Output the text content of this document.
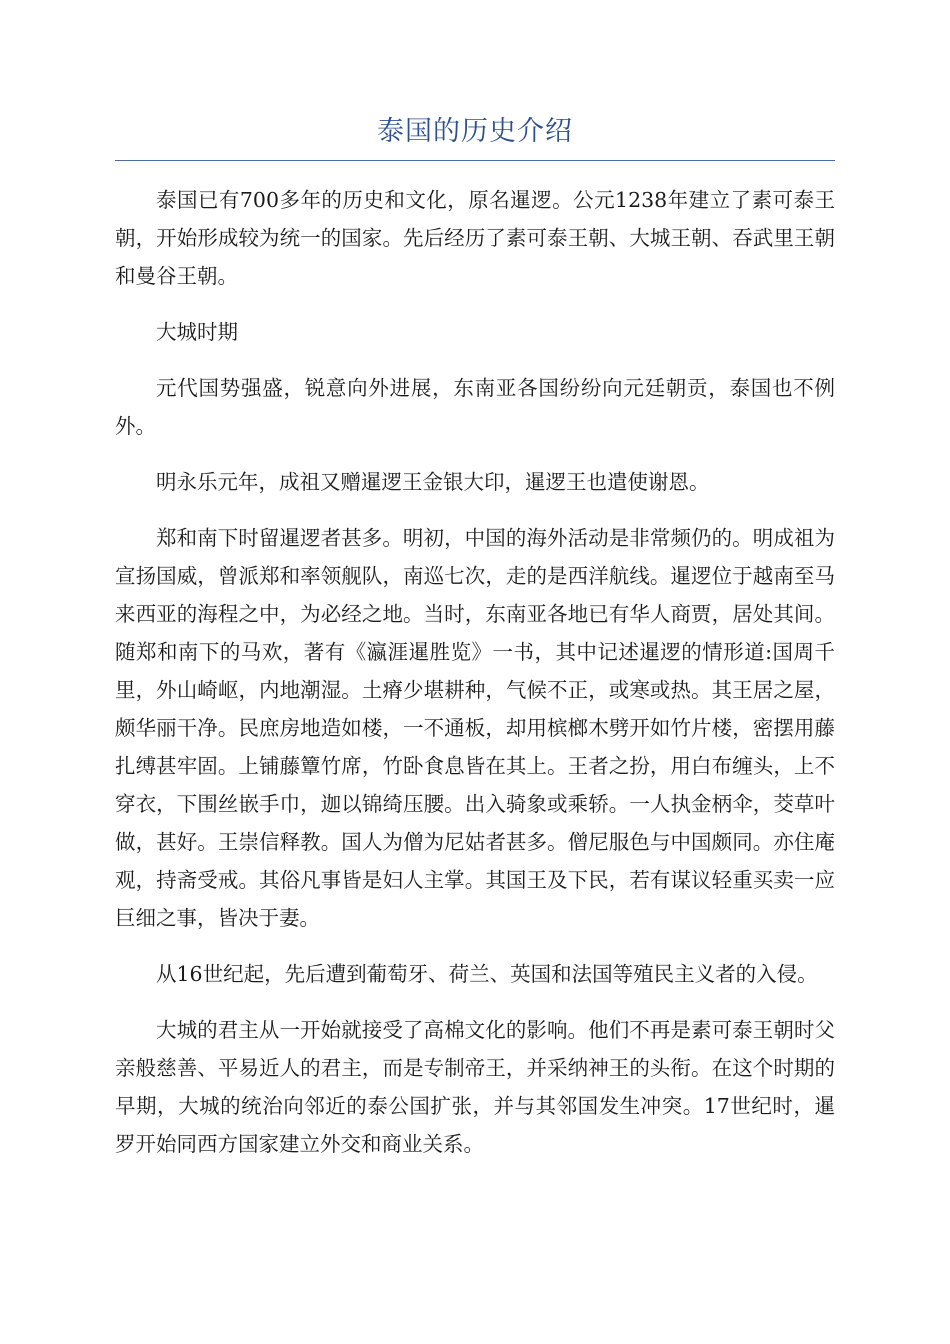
泰国的历史介绍

泰国已有700多年的历史和文化，原名暹逻。公元1238年建立了素可泰王朝，开始形成较为统一的国家。先后经历了素可泰王朝、大城王朝、吞武里王朝和曼谷王朝。

大城时期

元代国势强盛，锐意向外进展，东南亚各国纷纷向元廷朝贡，泰国也不例外。

明永乐元年，成祖又赠暹逻王金银大印，暹逻王也遣使谢恩。

郑和南下时留暹逻者甚多。明初，中国的海外活动是非常频仍的。明成祖为宣扬国威，曾派郑和率领舰队，南巡七次，走的是西洋航线。暹逻位于越南至马来西亚的海程之中，为必经之地。当时，东南亚各地已有华人商贾，居处其间。随郑和南下的马欢，著有《瀛涯暹胜览》一书，其中记述暹逻的情形道:国周千里，外山崎岖，内地潮湿。土瘠少堪耕种，气候不正，或寒或热。其王居之屋，颇华丽干净。民庶房地造如楼，一不通板，却用槟榔木劈开如竹片楼，密摆用藤扎缚甚牢固。上铺藤簟竹席，竹卧食息皆在其上。王者之扮，用白布缠头，上不穿衣，下围丝嵌手巾，迦以锦绮压腰。出入骑象或乘轿。一人执金柄伞，茭草叶做，甚好。王崇信释教。国人为僧为尼姑者甚多。僧尼服色与中国颇同。亦住庵观，持斋受戒。其俗凡事皆是妇人主掌。其国王及下民，若有谋议轻重买卖一应巨细之事，皆决于妻。

从16世纪起，先后遭到葡萄牙、荷兰、英国和法国等殖民主义者的入侵。

大城的君主从一开始就接受了高棉文化的影响。他们不再是素可泰王朝时父亲般慈善、平易近人的君主，而是专制帝王，并采纳神王的头衔。在这个时期的早期，大城的统治向邻近的泰公国扩张，并与其邻国发生冲突。17世纪时，暹罗开始同西方国家建立外交和商业关系。
